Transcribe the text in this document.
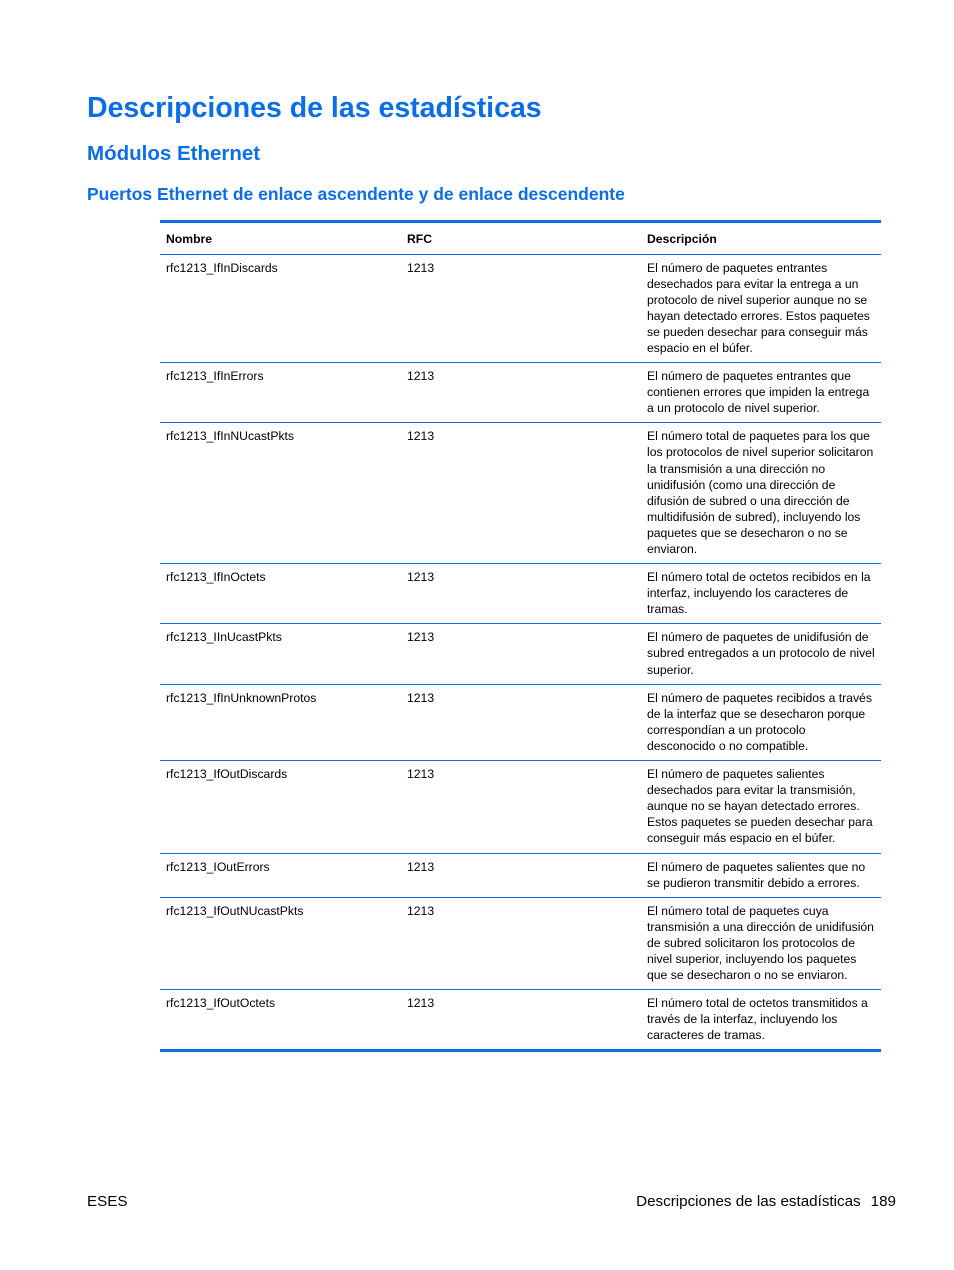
Descripciones de las estadísticas
Módulos Ethernet
Puertos Ethernet de enlace ascendente y de enlace descendente
Nombre	RFC	Descripción
rfc1213_IfInDiscards	1213	El número de paquetes entrantes desechados para evitar la entrega a un protocolo de nivel superior aunque no se hayan detectado errores. Estos paquetes se pueden desechar para conseguir más espacio en el búfer.
rfc1213_IfInErrors	1213	El número de paquetes entrantes que contienen errores que impiden la entrega a un protocolo de nivel superior.
rfc1213_IfInNUcastPkts	1213	El número total de paquetes para los que los protocolos de nivel superior solicitaron la transmisión a una dirección no unidifusión (como una dirección de difusión de subred o una dirección de multidifusión de subred), incluyendo los paquetes que se desecharon o no se enviaron.
rfc1213_IfInOctets	1213	El número total de octetos recibidos en la interfaz, incluyendo los caracteres de tramas.
rfc1213_IInUcastPkts	1213	El número de paquetes de unidifusión de subred entregados a un protocolo de nivel superior.
rfc1213_IfInUnknownProtos	1213	El número de paquetes recibidos a través de la interfaz que se desecharon porque correspondían a un protocolo desconocido o no compatible.
rfc1213_IfOutDiscards	1213	El número de paquetes salientes desechados para evitar la transmisión, aunque no se hayan detectado errores. Estos paquetes se pueden desechar para conseguir más espacio en el búfer.
rfc1213_IOutErrors	1213	El número de paquetes salientes que no se pudieron transmitir debido a errores.
rfc1213_IfOutNUcastPkts	1213	El número total de paquetes cuya transmisión a una dirección de unidifusión de subred solicitaron los protocolos de nivel superior, incluyendo los paquetes que se desecharon o no se enviaron.
rfc1213_IfOutOctets	1213	El número total de octetos transmitidos a través de la interfaz, incluyendo los caracteres de tramas.
ESES	Descripciones de las estadísticas 189
